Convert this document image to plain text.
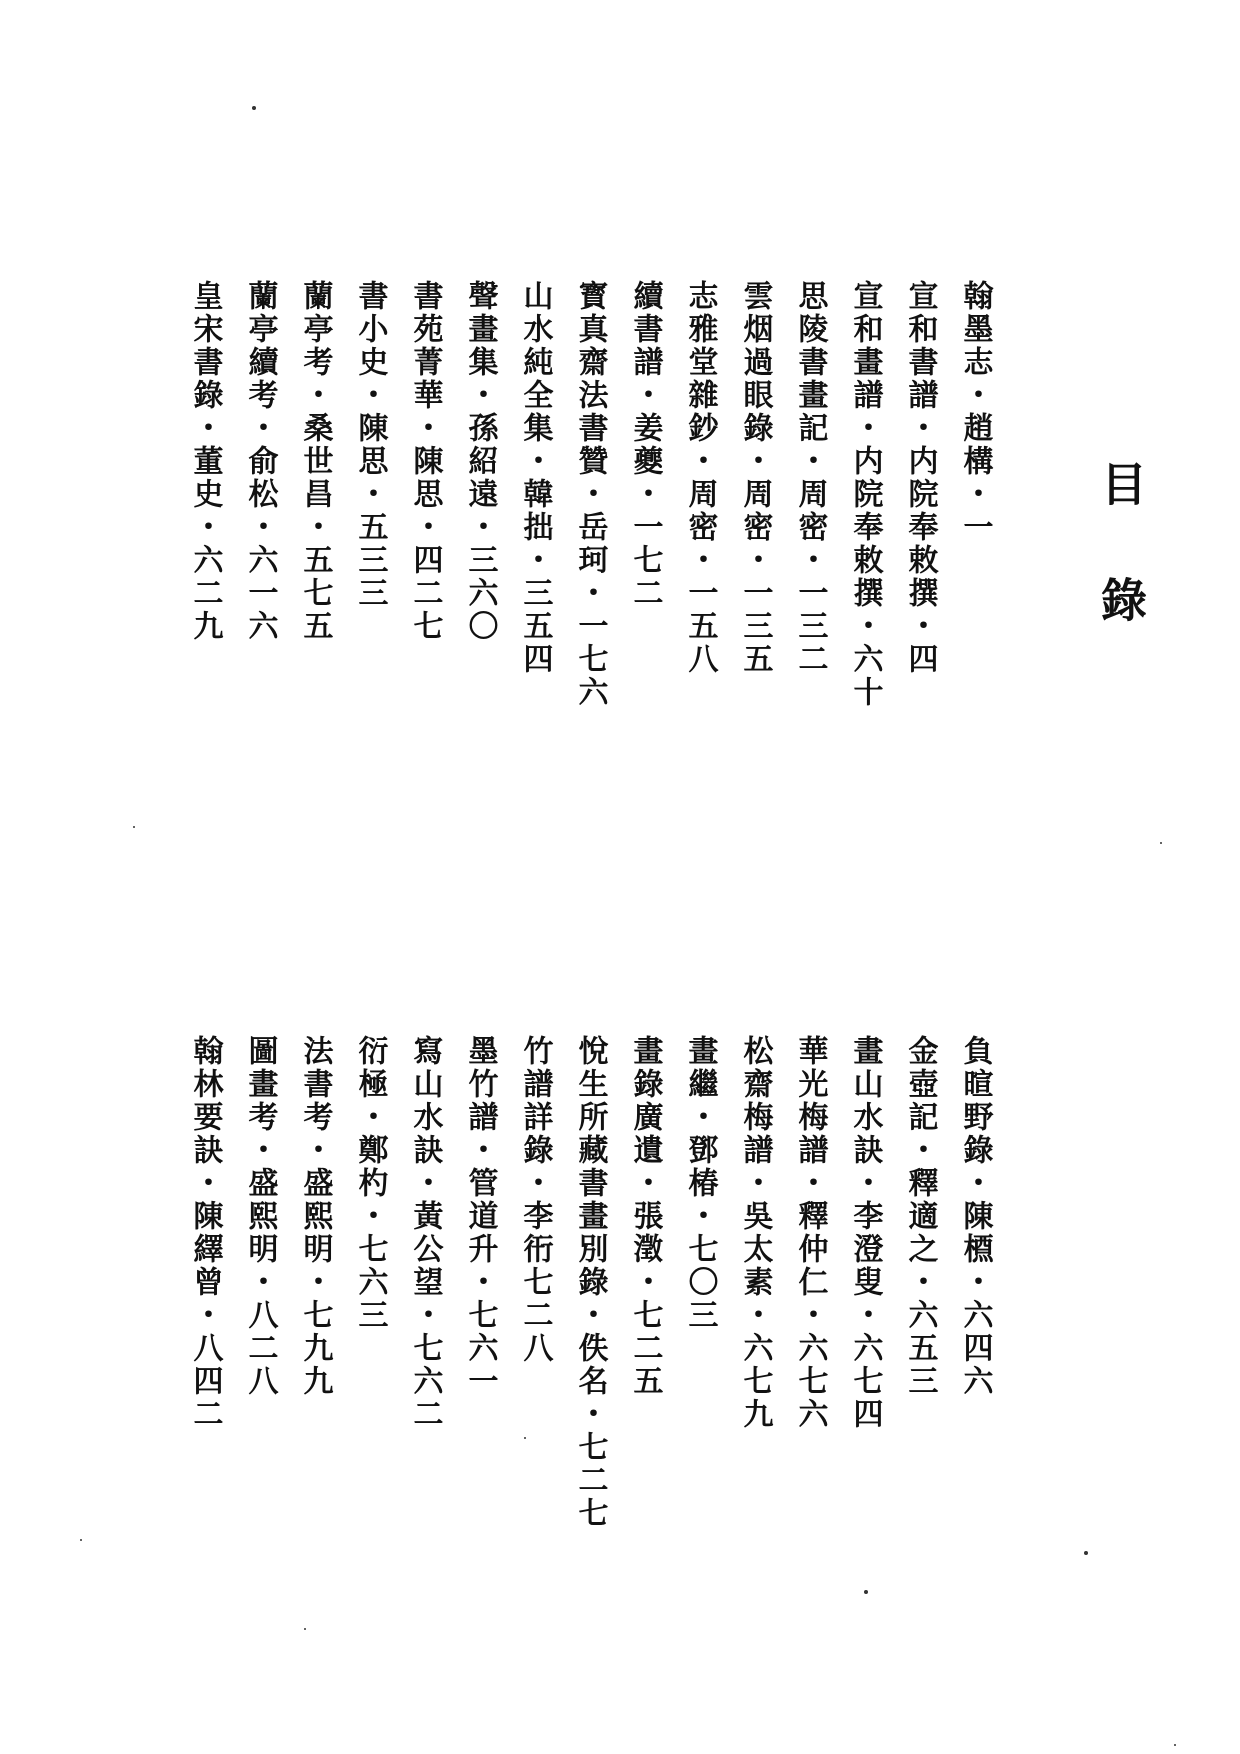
目錄
翰墨志・趙構・一
宣和書譜・内院奉敕撰・四
宣和畫譜・内院奉敕撰・六十
思陵書畫記・周密・一三二
雲烟過眼錄・周密・一三五
志雅堂雜鈔・周密・一五八
續書譜・姜夔・一七二
寳真齋法書贊・岳珂・一七六
山水純全集・韓拙・三五四
聲畫集・孫紹遠・三六〇
書苑菁華・陳思・四二七
書小史・陳思・五三三
蘭亭考・桑世昌・五七五
蘭亭續考・俞松・六一六
皇宋書錄・董史・六二九
負暄野錄・陳槱・六四六
金壺記・釋適之・六五三
畫山水訣・李澄叟・六七四
華光梅譜・釋仲仁・六七六
松齋梅譜・吳太素・六七九
畫繼・鄧椿・七〇三
畫錄廣遺・張澂・七二五
悅生所藏書畫別錄・佚名・七二七
竹譜詳錄・李衎七二八
墨竹譜・管道升・七六一
寫山水訣・黃公望・七六二
衍極・鄭杓・七六三
法書考・盛熙明・七九九
圖畫考・盛熙明・八二八
翰林要訣・陳繹曾・八四二
